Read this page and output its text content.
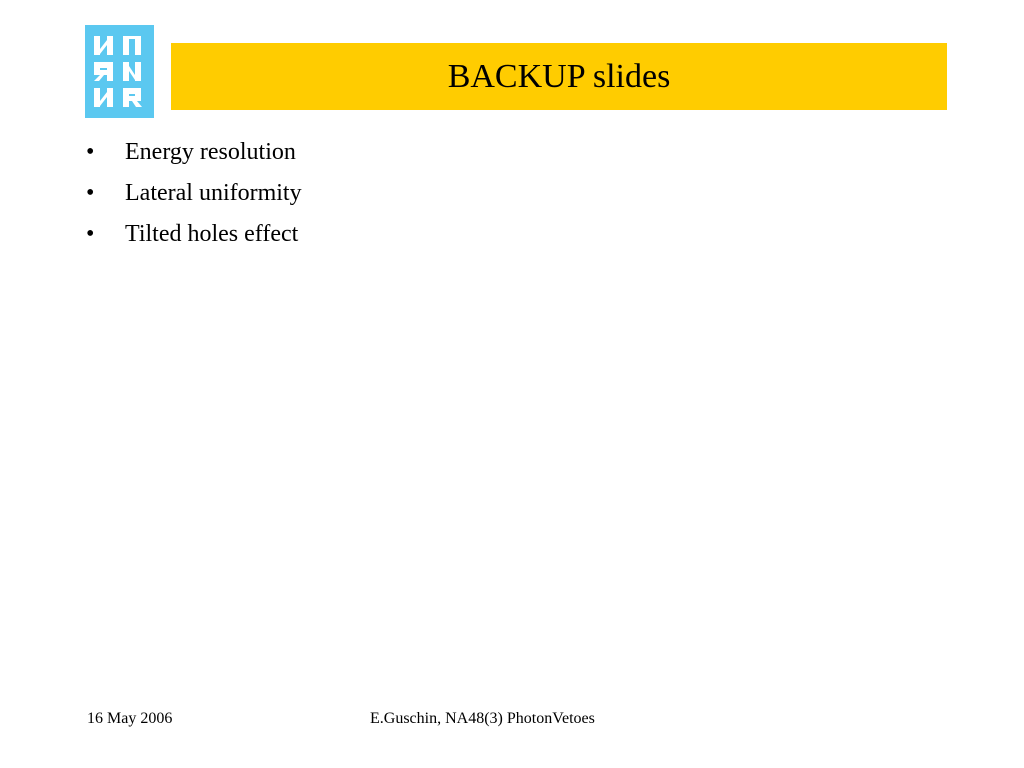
BACKUP slides
• Energy resolution
• Lateral uniformity
• Tilted holes effect
16 May 2006	E.Guschin, NA48(3) PhotonVetoes
